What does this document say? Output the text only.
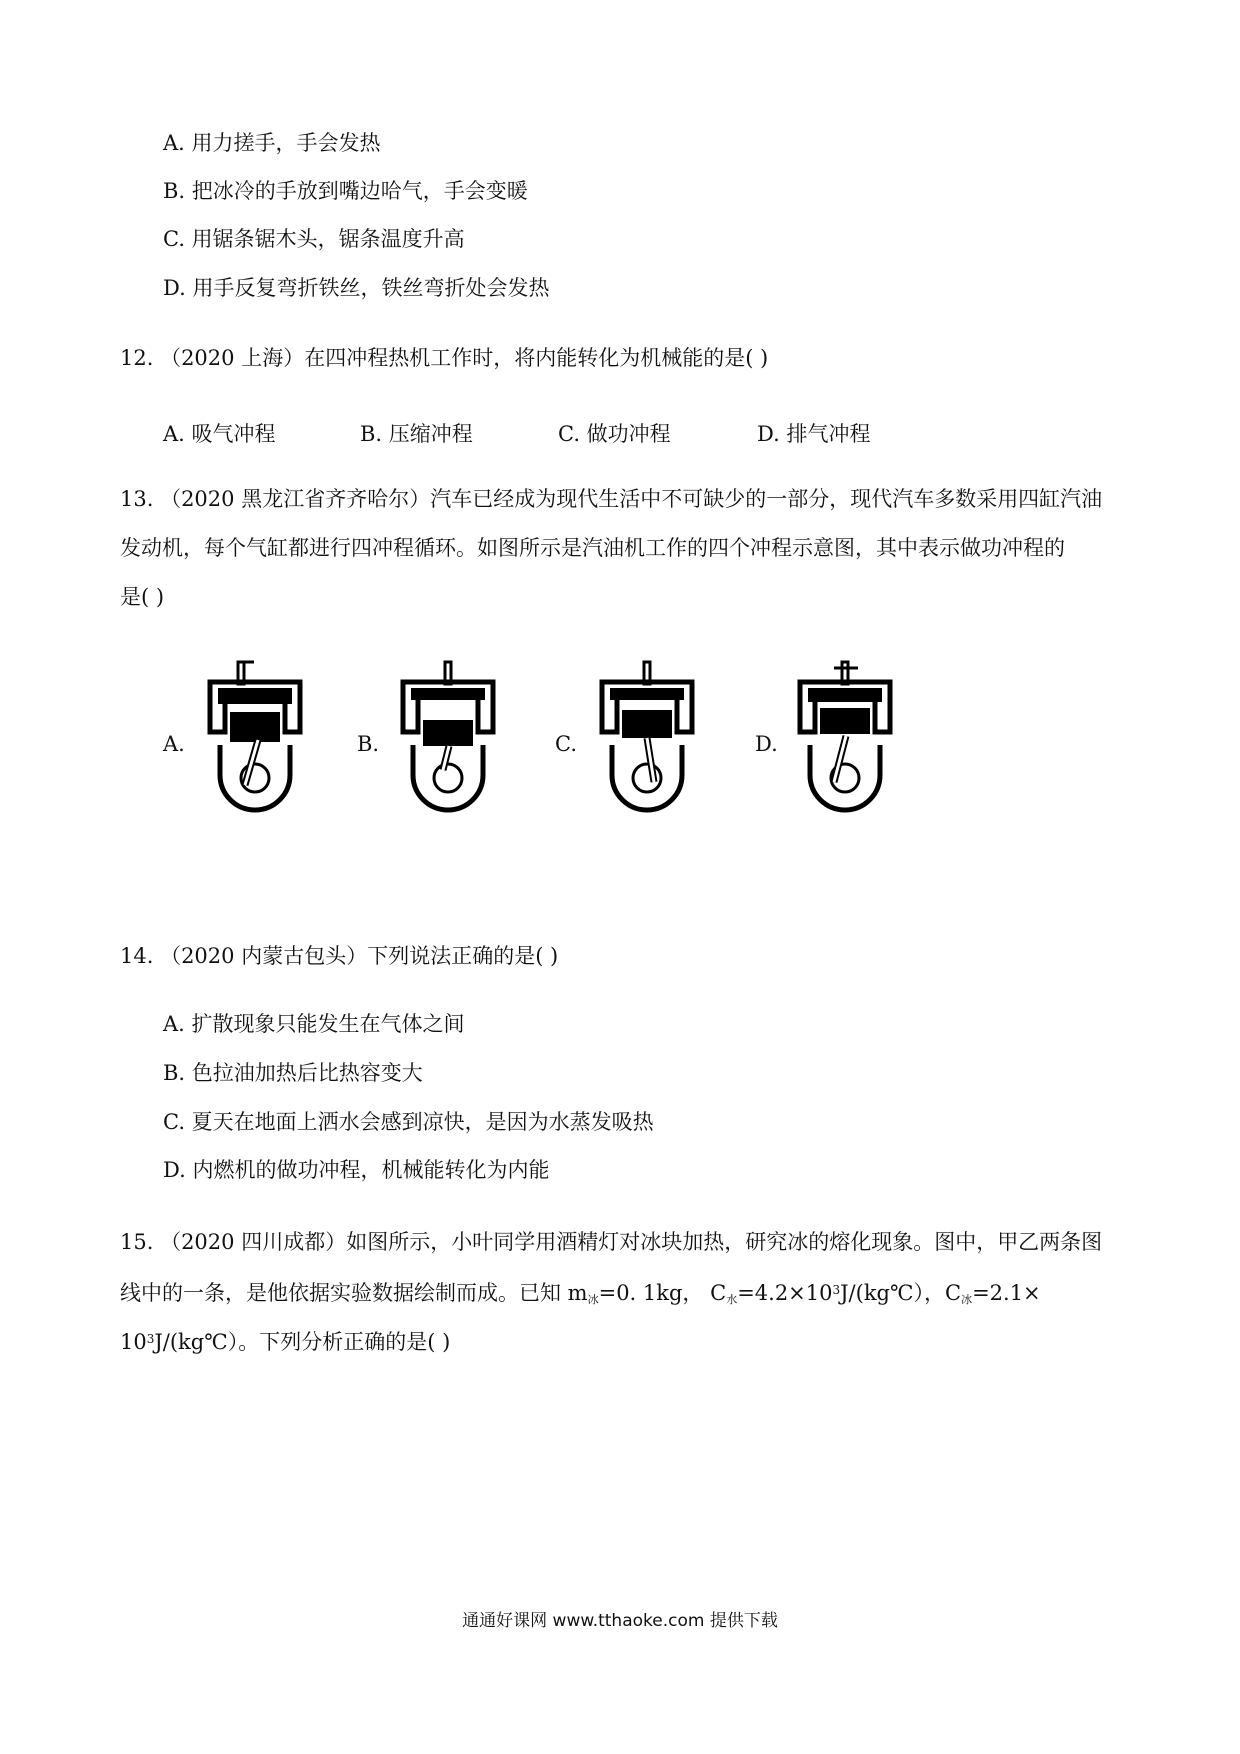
A. 用力搓手，手会发热
B. 把冰冷的手放到嘴边哈气，手会变暖
C. 用锯条锯木头，锯条温度升高
D. 用手反复弯折铁丝，铁丝弯折处会发热
12. （2020 上海）在四冲程热机工作时，将内能转化为机械能的是( )
A. 吸气冲程	B. 压缩冲程	C. 做功冲程	D. 排气冲程
13. （2020 黑龙江省齐齐哈尔）汽车已经成为现代生活中不可缺少的一部分，现代汽车多数采用四缸汽油
发动机，每个气缸都进行四冲程循环。如图所示是汽油机工作的四个冲程示意图，其中表示做功冲程的
是( )
A.	B.	C.	D.
14. （2020 内蒙古包头）下列说法正确的是( )
A. 扩散现象只能发生在气体之间
B. 色拉油加热后比热容变大
C. 夏天在地面上洒水会感到凉快，是因为水蒸发吸热
D. 内燃机的做功冲程，机械能转化为内能
15. （2020 四川成都）如图所示，小叶同学用酒精灯对冰块加热，研究冰的熔化现象。图中，甲乙两条图
线中的一条，是他依据实验数据绘制而成。已知 $m_冰=0$. 1kg， $C_水=4.2\times 10^3J/(kg℃)$，$C_冰=2.1\times$
$10^3J/(kg℃)$。下列分析正确的是( )
通通好课网 www.tthaoke.com 提供下载
